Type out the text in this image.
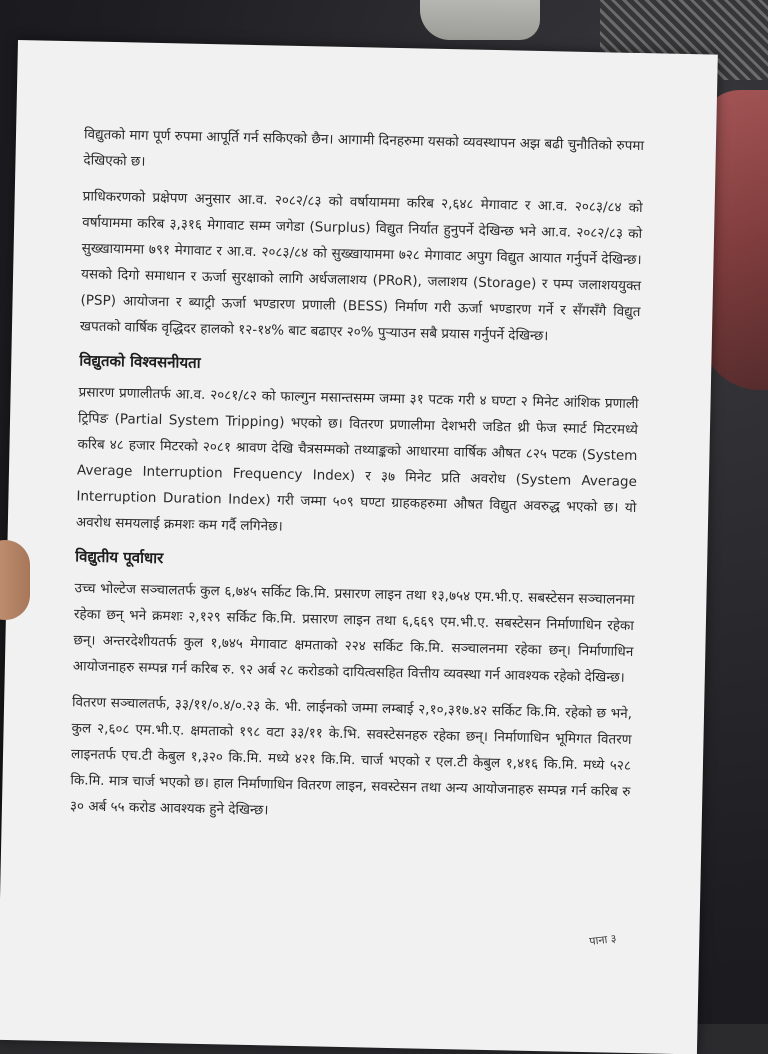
विद्युतको माग पूर्ण रुपमा आपूर्ति गर्न सकिएको छैन। आगामी दिनहरुमा यसको व्यवस्थापन अझ बढी चुनौतिको रुपमा देखिएको छ।

प्राधिकरणको प्रक्षेपण अनुसार आ.व. २०८२/८३ को वर्षायाममा करिब २,६४८ मेगावाट र आ.व. २०८३/८४ को वर्षायाममा करिब ३,३१६ मेगावाट सम्म जगेडा (Surplus) विद्युत निर्यात हुनुपर्ने देखिन्छ भने आ.व. २०८२/८३ को सुख्खायाममा ७९१ मेगावाट र आ.व. २०८३/८४ को सुख्खायाममा ७२८ मेगावाट अपुग विद्युत आयात गर्नुपर्ने देखिन्छ। यसको दिगो समाधान र ऊर्जा सुरक्षाको लागि अर्धजलाशय (PRoR), जलाशय (Storage) र पम्प जलाशययुक्त (PSP) आयोजना र ब्याट्री ऊर्जा भण्डारण प्रणाली (BESS) निर्माण गरी ऊर्जा भण्डारण गर्ने र सँगसँगै विद्युत खपतको वार्षिक वृद्धिदर हालको १२-१४% बाट बढाएर २०% पुऱ्याउन सबै प्रयास गर्नुपर्ने देखिन्छ।

विद्युतको विश्वसनीयता

प्रसारण प्रणालीतर्फ आ.व. २०८१/८२ को फाल्गुन मसान्तसम्म जम्मा ३१ पटक गरी ४ घण्टा २ मिनेट आंशिक प्रणाली ट्रिपिङ (Partial System Tripping) भएको छ। वितरण प्रणालीमा देशभरी जडित थ्री फेज स्मार्ट मिटरमध्ये करिब ४८ हजार मिटरको २०८१ श्रावण देखि चैत्रसम्मको तथ्याङ्कको आधारमा वार्षिक औषत ८२५ पटक (System Average Interruption Frequency Index) र ३७ मिनेट प्रति अवरोध (System Average Interruption Duration Index) गरी जम्मा ५०९ घण्टा ग्राहकहरुमा औषत विद्युत अवरुद्ध भएको छ। यो अवरोध समयलाई क्रमशः कम गर्दै लगिनेछ।

विद्युतीय पूर्वाधार

उच्च भोल्टेज सञ्चालतर्फ कुल ६,७४५ सर्किट कि.मि. प्रसारण लाइन तथा १३,७५४ एम.भी.ए. सबस्टेसन सञ्चालनमा रहेका छन् भने क्रमशः २,१२९ सर्किट कि.मि. प्रसारण लाइन तथा ६,६६९ एम.भी.ए. सबस्टेसन निर्माणाधिन रहेका छन्। अन्तरदेशीयतर्फ कुल १,७४५ मेगावाट क्षमताको २२४ सर्किट कि.मि. सञ्चालनमा रहेका छन्। निर्माणाधिन आयोजनाहरु सम्पन्न गर्न करिब रु. ९२ अर्ब २८ करोडको दायित्वसहित वित्तीय व्यवस्था गर्न आवश्यक रहेको देखिन्छ।

वितरण सञ्चालतर्फ, ३३/११/०.४/०.२३ के. भी. लाईनको जम्मा लम्बाई २,१०,३१७.४२ सर्किट कि.मि. रहेको छ भने, कुल २,६०८ एम.भी.ए. क्षमताको १९८ वटा ३३/११ के.भि. सवस्टेसनहरु रहेका छन्। निर्माणाधिन भूमिगत वितरण लाइनतर्फ एच.टी केबुल १,३२० कि.मि. मध्ये ४२१ कि.मि. चार्ज भएको र एल.टी केबुल १,४१६ कि.मि. मध्ये ५२८ कि.मि. मात्र चार्ज भएको छ। हाल निर्माणाधिन वितरण लाइन, सवस्टेसन तथा अन्य आयोजनाहरु सम्पन्न गर्न करिब रु ३० अर्ब ५५ करोड आवश्यक हुने देखिन्छ।

पाना ३
